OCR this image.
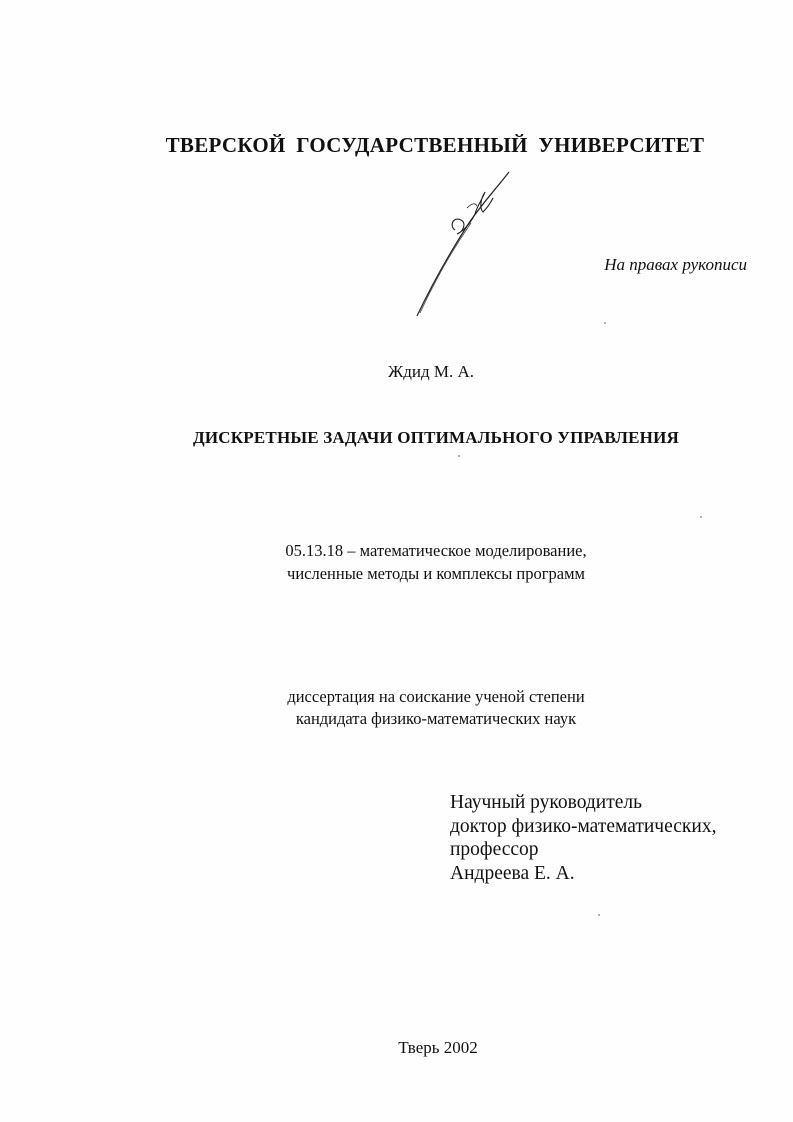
ТВЕРСКОЙ ГОСУДАРСТВЕННЫЙ УНИВЕРСИТЕТ

На правах рукописи

Ждид М. А.

ДИСКРЕТНЫЕ ЗАДАЧИ ОПТИМАЛЬНОГО УПРАВЛЕНИЯ

05.13.18 – математическое моделирование,
численные методы и комплексы программ

диссертация на соискание ученой степени
кандидата физико-математических наук

Научный руководитель
доктор физико-математических,
профессор
Андреева Е. А.

Тверь 2002
